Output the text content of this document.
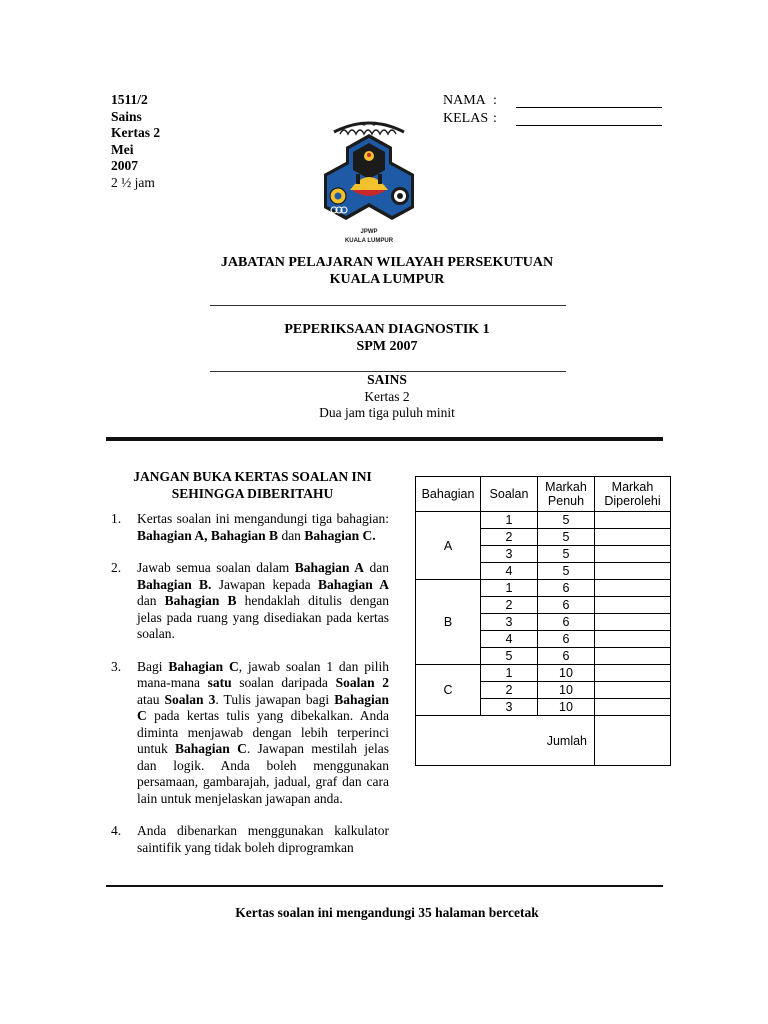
1511/2
Sains
Kertas 2
Mei
2007
2 ½ jam
NAMA :
KELAS :
JPWP
KUALA LUMPUR
JABATAN PELAJARAN WILAYAH PERSEKUTUAN
KUALA LUMPUR
PEPERIKSAAN DIAGNOSTIK 1
SPM 2007
SAINS
Kertas 2
Dua jam tiga puluh minit
JANGAN BUKA KERTAS SOALAN INI
SEHINGGA DIBERITAHU
1. Kertas soalan ini mengandungi tiga bahagian: Bahagian A, Bahagian B dan Bahagian C.
2. Jawab semua soalan dalam Bahagian A dan Bahagian B. Jawapan kepada Bahagian A dan Bahagian B hendaklah ditulis dengan jelas pada ruang yang disediakan pada kertas soalan.
3. Bagi Bahagian C, jawab soalan 1 dan pilih mana-mana satu soalan daripada Soalan 2 atau Soalan 3. Tulis jawapan bagi Bahagian C pada kertas tulis yang dibekalkan. Anda diminta menjawab dengan lebih terperinci untuk Bahagian C. Jawapan mestilah jelas dan logik. Anda boleh menggunakan persamaan, gambarajah, jadual, graf dan cara lain untuk menjelaskan jawapan anda.
4. Anda dibenarkan menggunakan kalkulator saintifik yang tidak boleh diprogramkan
Bahagian	Soalan	Markah Penuh	Markah Diperolehi
A	1	5	
	2	5	
	3	5	
	4	5	
B	1	6	
	2	6	
	3	6	
	4	6	
	5	6	
C	1	10	
	2	10	
	3	10	
Jumlah			
Kertas soalan ini mengandungi 35 halaman bercetak
